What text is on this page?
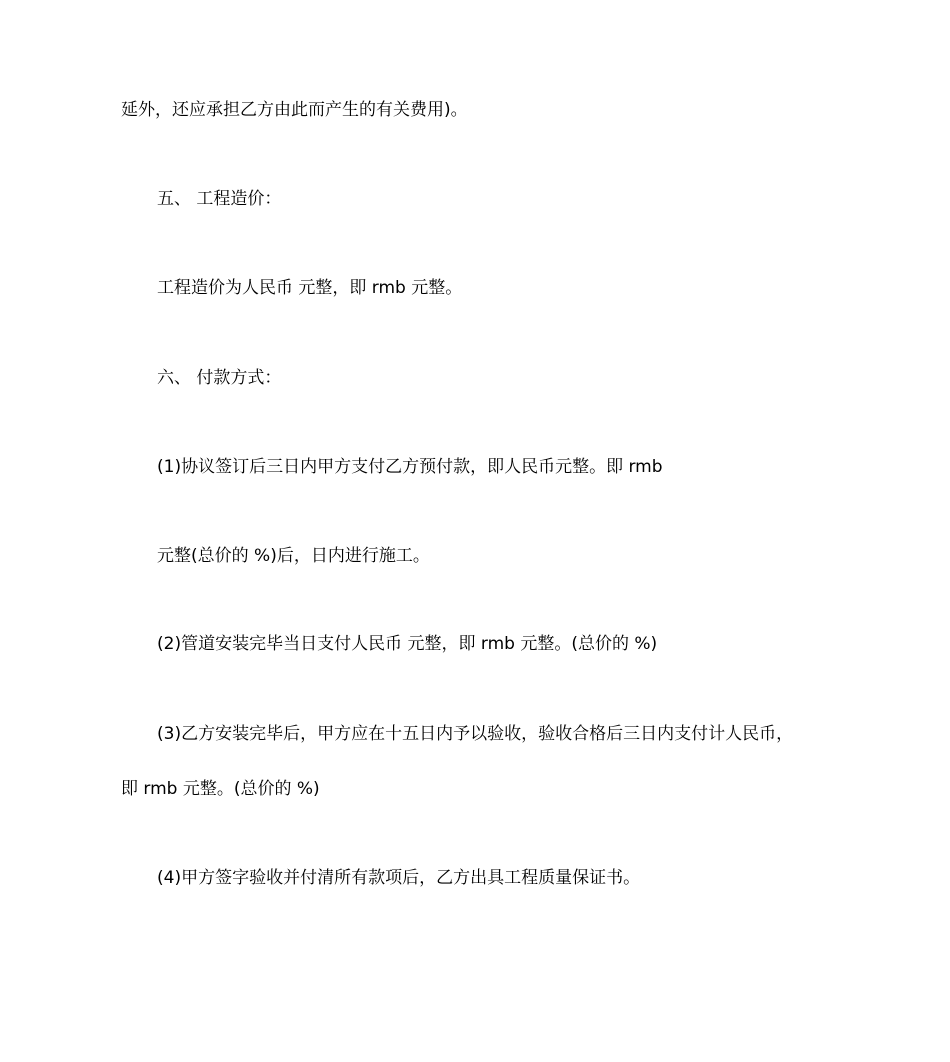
延外，还应承担乙方由此而产生的有关费用)。
五、 工程造价：
工程造价为人民币 元整，即 rmb 元整。
六、 付款方式：
(1)协议签订后三日内甲方支付乙方预付款，即人民币元整。即 rmb
元整(总价的 %)后，日内进行施工。
(2)管道安装完毕当日支付人民币 元整，即 rmb 元整。(总价的 %)
(3)乙方安装完毕后，甲方应在十五日内予以验收，验收合格后三日内支付计人民币，
即 rmb 元整。(总价的 %)
(4)甲方签字验收并付清所有款项后，乙方出具工程质量保证书。
